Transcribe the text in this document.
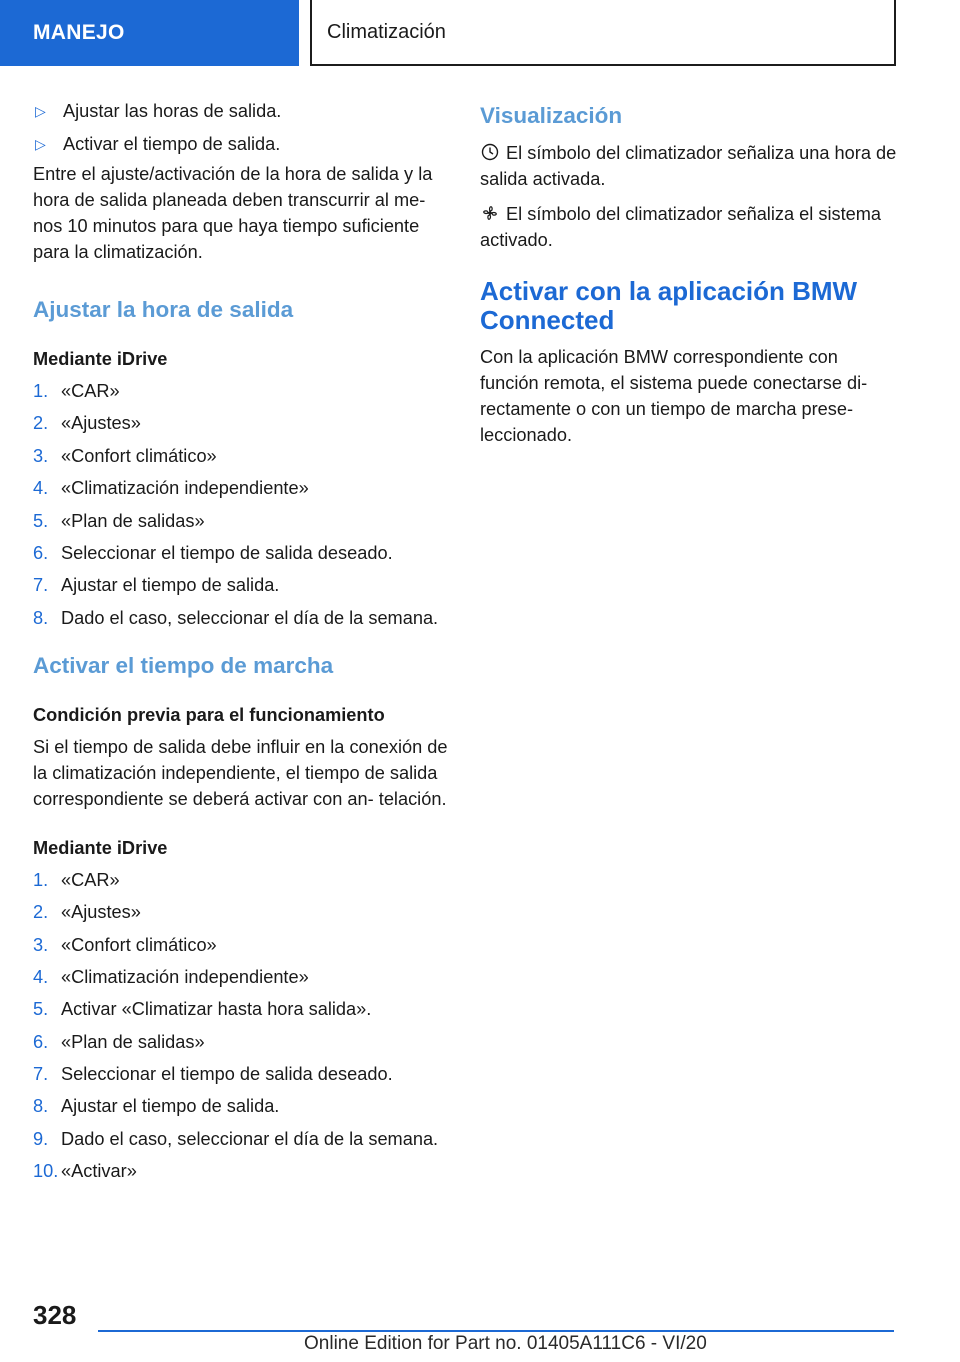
MANEJO	Climatización
▷ Ajustar las horas de salida.
▷ Activar el tiempo de salida.

Entre el ajuste/activación de la hora de salida y la hora de salida planeada deben transcurrir al me- nos 10 minutos para que haya tiempo suficiente para la climatización.

Ajustar la hora de salida
Mediante iDrive
1. «CAR»
2. «Ajustes»
3. «Confort climático»
4. «Climatización independiente»
5. «Plan de salidas»
6. Seleccionar el tiempo de salida deseado.
7. Ajustar el tiempo de salida.
8. Dado el caso, seleccionar el día de la semana.
Activar el tiempo de marcha
Condición previa para el funcionamiento

Si el tiempo de salida debe influir en la conexión de la climatización independiente, el tiempo de salida correspondiente se deberá activar con an- telación.

Mediante iDrive
1. «CAR»
2. «Ajustes»
3. «Confort climático»
4. «Climatización independiente»
5. Activar «Climatizar hasta hora salida».
6. «Plan de salidas»
7. Seleccionar el tiempo de salida deseado.
8. Ajustar el tiempo de salida.
9. Dado el caso, seleccionar el día de la semana.
10. «Activar»
Visualización

El símbolo del climatizador señaliza una hora de salida activada.

El símbolo del climatizador señaliza el sistema activado.

Activar con la aplicación BMW Connected

Con la aplicación BMW correspondiente con función remota, el sistema puede conectarse di- rectamente o con un tiempo de marcha prese- leccionado.

328
Online Edition for Part no. 01405A111C6 - VI/20
